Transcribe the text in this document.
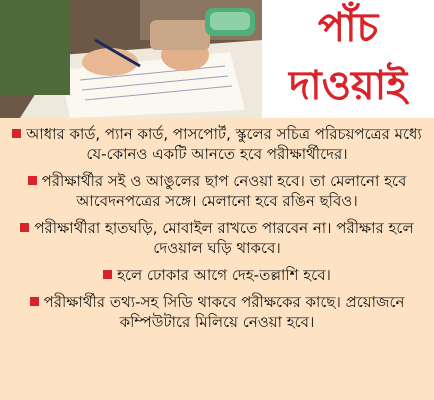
পাঁচ
দাওয়াই
আধার কার্ড, প্যান কার্ড, পাসপোর্ট, স্কুলের সচিত্র পরিচয়পত্রের মধ্যে যে-কোনও একটি আনতে হবে পরীক্ষার্থীদের।
পরীক্ষার্থীর সই ও আঙুলের ছাপ নেওয়া হবে। তা মেলানো হবে আবেদনপত্রের সঙ্গে। মেলানো হবে রঙিন ছবিও।
পরীক্ষার্থীরা হাতঘড়ি, মোবাইল রাখতে পারবেন না। পরীক্ষার হলে দেওয়াল ঘড়ি থাকবে।
হলে ঢোকার আগে দেহ-তল্লাশি হবে।
পরীক্ষার্থীর তথ্য-সহ সিডি থাকবে পরীক্ষকের কাছে। প্রয়োজনে কম্পিউটারে মিলিয়ে নেওয়া হবে।
